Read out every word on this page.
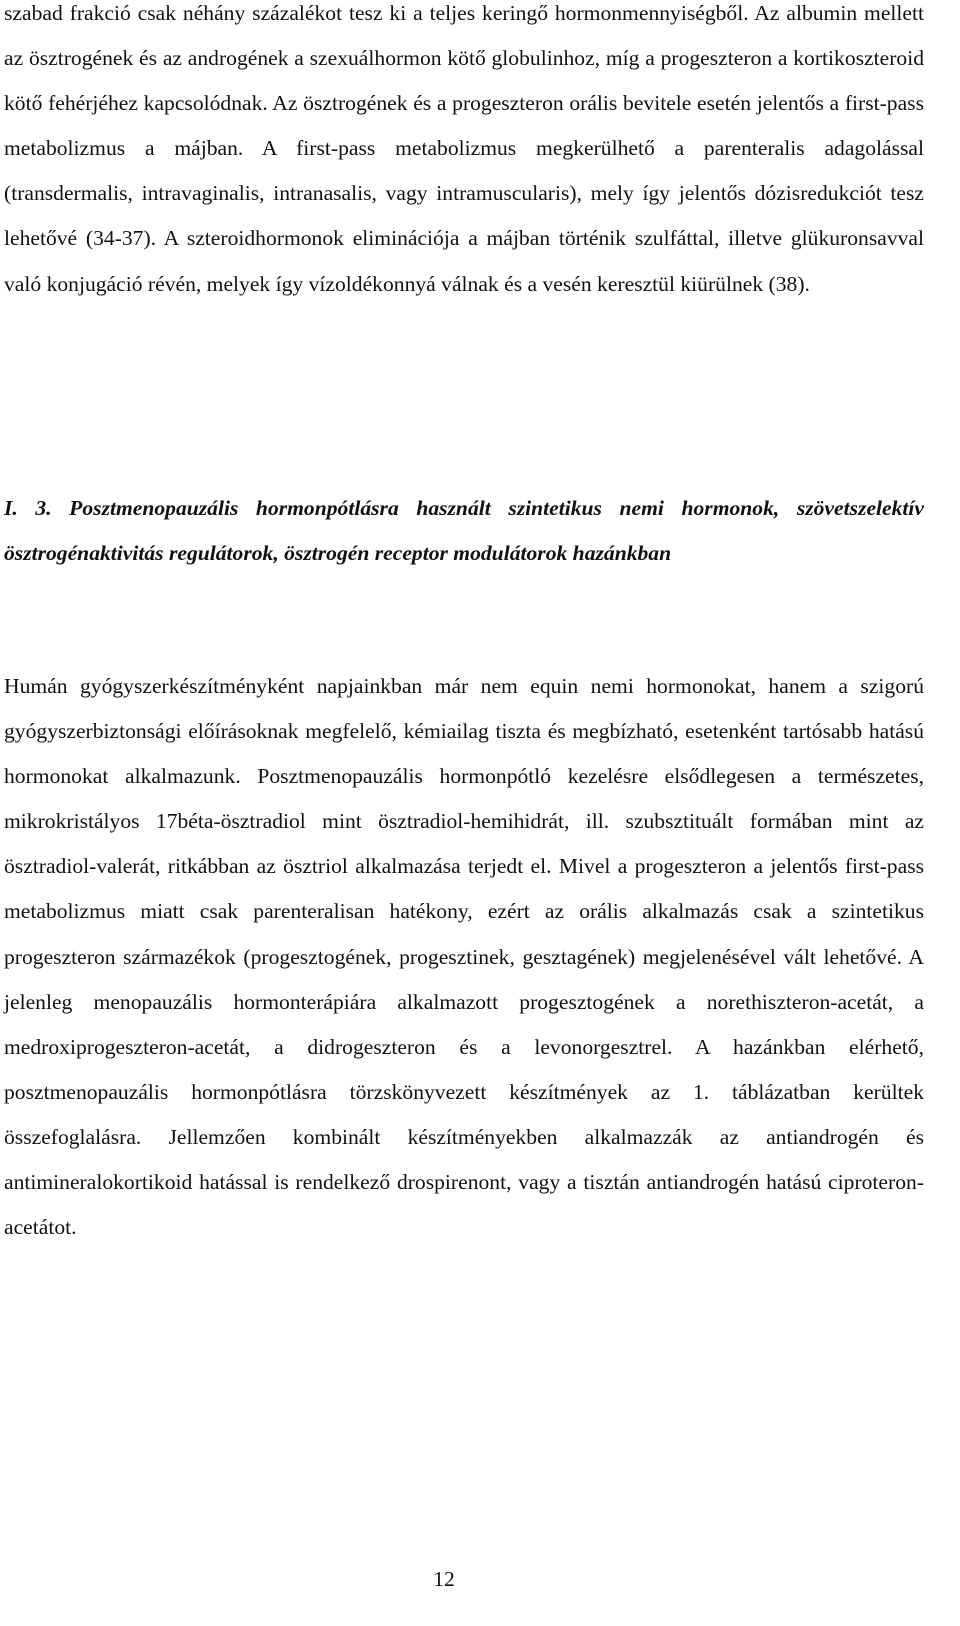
szabad frakció csak néhány százalékot tesz ki a teljes keringő hormonmennyiségből. Az albumin mellett az ösztrogének és az androgének a szexuálhormon kötő globulinhoz, míg a progeszteron a kortikoszteroid kötő fehérjéhez kapcsolódnak. Az ösztrogének és a progeszteron orális bevitele esetén jelentős a first-pass metabolizmus a májban. A first-pass metabolizmus megkerülhető a parenteralis adagolással (transdermalis, intravaginalis, intranasalis, vagy intramuscularis), mely így jelentős dózisredukciót tesz lehetővé (34-37). A szteroidhormonok eliminációja a májban történik szulfáttal, illetve glükuronsavval való konjugáció révén, melyek így vízoldékonnyá válnak és a vesén keresztül kiürülnek (38).

I. 3. Posztmenopauzális hormonpótlásra használt szintetikus nemi hormonok, szövetszelektív ösztrogénaktivitás regulátorok, ösztrogén receptor modulátorok hazánkban

Humán gyógyszerkészítményként napjainkban már nem equin nemi hormonokat, hanem a szigorú gyógyszerbiztonsági előírásoknak megfelelő, kémiailag tiszta és megbízható, esetenként tartósabb hatású hormonokat alkalmazunk. Posztmenopauzális hormonpótló kezelésre elsődlegesen a természetes, mikrokristályos 17béta-ösztradiol mint ösztradiol-hemihidrát, ill. szubsztituált formában mint az ösztradiol-valerát, ritkábban az ösztriol alkalmazása terjedt el. Mivel a progeszteron a jelentős first-pass metabolizmus miatt csak parenteralisan hatékony, ezért az orális alkalmazás csak a szintetikus progeszteron származékok (progesztogének, progesztinek, gesztagének) megjelenésével vált lehetővé. A jelenleg menopauzális hormonterápiára alkalmazott progesztogének a norethiszteron-acetát, a medroxiprogeszteron-acetát, a didrogeszteron és a levonorgesztrel. A hazánkban elérhető, posztmenopauzális hormonpótlásra törzskönyvezett készítmények az 1. táblázatban kerültek összefoglalásra. Jellemzően kombinált készítményekben alkalmazzák az antiandrogén és antimineralokortikoid hatással is rendelkező drospirenont, vagy a tisztán antiandrogén hatású ciproteron-acetátot.

12
